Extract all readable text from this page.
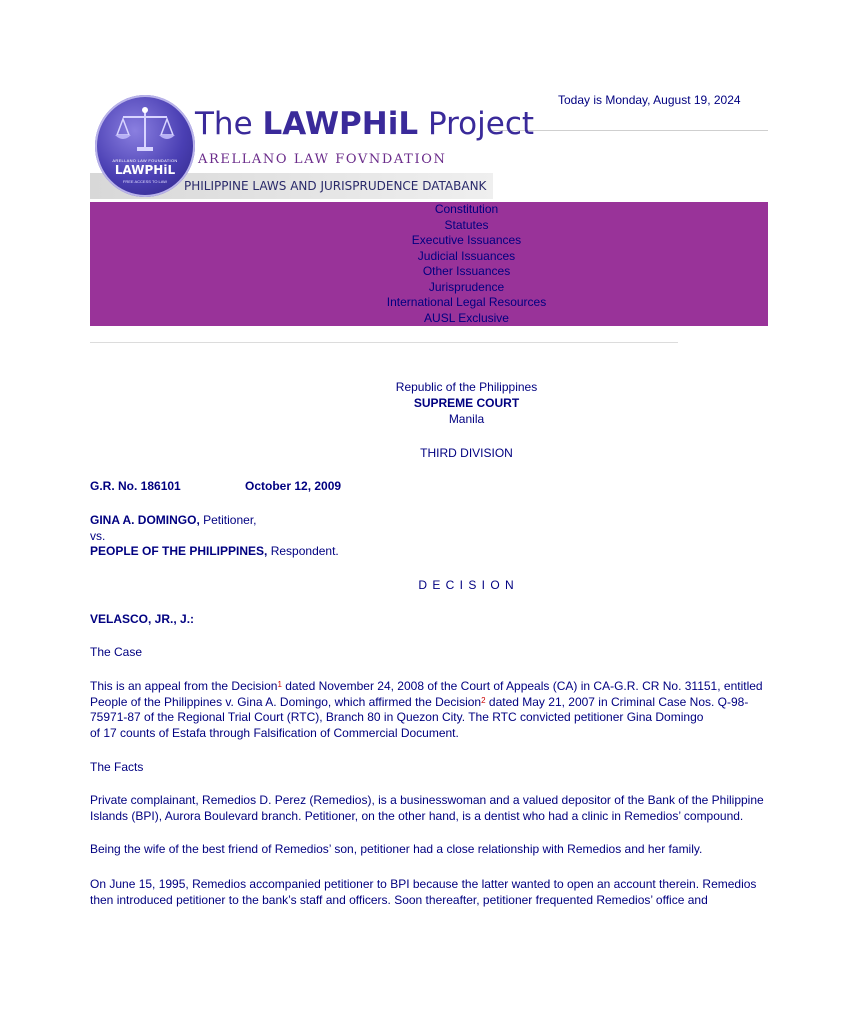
Today is Monday, August 19, 2024
ARELLANO LAW FOUNDATION
LAWPHiL
FREE ACCESS TO LAW
The LAWPHiL Project
ARELLANO LAW FOVNDATION
PHILIPPINE LAWS AND JURISPRUDENCE DATABANK
Constitution
Statutes
Executive Issuances
Judicial Issuances
Other Issuances
Jurisprudence
International Legal Resources
AUSL Exclusive
Republic of the Philippines
SUPREME COURT
Manila
THIRD DIVISION
G.R. No. 186101	October 12, 2009
GINA A. DOMINGO, Petitioner,
vs.
PEOPLE OF THE PHILIPPINES, Respondent.
D E C I S I O N
VELASCO, JR., J.:
The Case
This is an appeal from the Decision$^1$ dated November 24, 2008 of the Court of Appeals (CA) in CA-G.R. CR No. 31151, entitled
People of the Philippines v. Gina A. Domingo, which affirmed the Decision$^2$ dated May 21, 2007 in Criminal Case Nos. Q-98-
75971-87 of the Regional Trial Court (RTC), Branch 80 in Quezon City. The RTC convicted petitioner Gina Domingo
of 17 counts of Estafa through Falsification of Commercial Document.
The Facts
Private complainant, Remedios D. Perez (Remedios), is a businesswoman and a valued depositor of the Bank of the Philippine
Islands (BPI), Aurora Boulevard branch. Petitioner, on the other hand, is a dentist who had a clinic in Remedios’ compound.
Being the wife of the best friend of Remedios’ son, petitioner had a close relationship with Remedios and her family.
On June 15, 1995, Remedios accompanied petitioner to BPI because the latter wanted to open an account therein. Remedios
then introduced petitioner to the bank’s staff and officers. Soon thereafter, petitioner frequented Remedios’ office and
